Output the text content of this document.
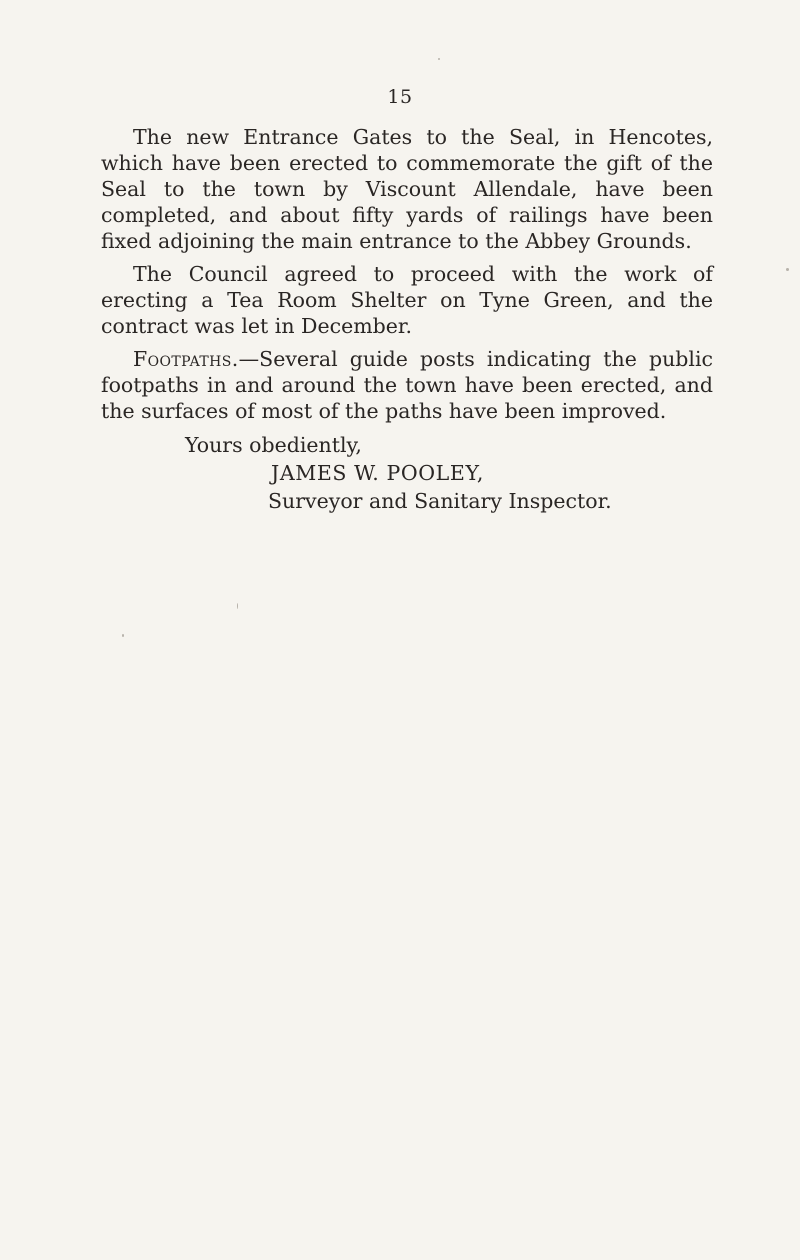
15

The new Entrance Gates to the Seal, in Hencotes, which have been erected to commemorate the gift of the Seal to the town by Viscount Allendale, have been completed, and about fifty yards of railings have been fixed adjoining the main entrance to the Abbey Grounds.

The Council agreed to proceed with the work of erecting a Tea Room Shelter on Tyne Green, and the contract was let in December.

Footpaths.—Several guide posts indicating the public footpaths in and around the town have been erected, and the surfaces of most of the paths have been improved.

Yours obediently,

JAMES W. POOLEY,

Surveyor and Sanitary Inspector.
